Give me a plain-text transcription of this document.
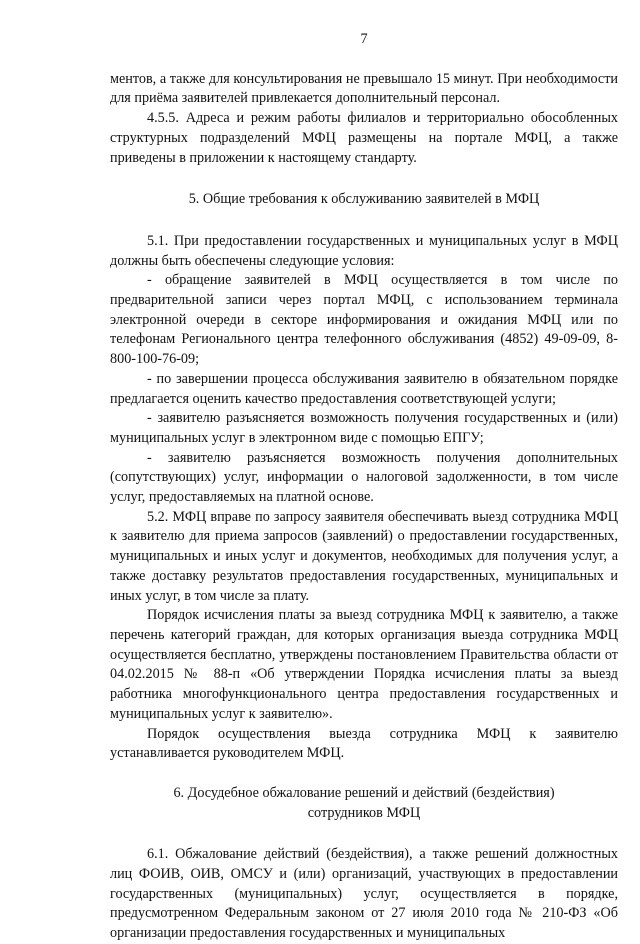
7

ментов, а также для консультирования не превышало 15 минут. При необходимости для приёма заявителей привлекается дополнительный персонал.

4.5.5. Адреса и режим работы филиалов и территориально обособленных структурных подразделений МФЦ размещены на портале МФЦ, а также приведены в приложении к настоящему стандарту.

5. Общие требования к обслуживанию заявителей в МФЦ

5.1. При предоставлении государственных и муниципальных услуг в МФЦ должны быть обеспечены следующие условия:

- обращение заявителей в МФЦ осуществляется в том числе по предварительной записи через портал МФЦ, с использованием терминала электронной очереди в секторе информирования и ожидания МФЦ или по телефонам Регионального центра телефонного обслуживания (4852) 49-09-09, 8-800-100-76-09;

- по завершении процесса обслуживания заявителю в обязательном порядке предлагается оценить качество предоставления соответствующей услуги;

- заявителю разъясняется возможность получения государственных и (или) муниципальных услуг в электронном виде с помощью ЕПГУ;

- заявителю разъясняется возможность получения дополнительных (сопутствующих) услуг, информации о налоговой задолженности, в том числе услуг, предоставляемых на платной основе.

5.2. МФЦ вправе по запросу заявителя обеспечивать выезд сотрудника МФЦ к заявителю для приема запросов (заявлений) о предоставлении государственных, муниципальных и иных услуг и документов, необходимых для получения услуг, а также доставку результатов предоставления государственных, муниципальных и иных услуг, в том числе за плату.

Порядок исчисления платы за выезд сотрудника МФЦ к заявителю, а также перечень категорий граждан, для которых организация выезда сотрудника МФЦ осуществляется бесплатно, утверждены постановлением Правительства области от 04.02.2015 № 88-п «Об утверждении Порядка исчисления платы за выезд работника многофункционального центра предоставления государственных и муниципальных услуг к заявителю».

Порядок осуществления выезда сотрудника МФЦ к заявителю устанавливается руководителем МФЦ.

6. Досудебное обжалование решений и действий (бездействия)
сотрудников МФЦ

6.1. Обжалование действий (бездействия), а также решений должностных лиц ФОИВ, ОИВ, ОМСУ и (или) организаций, участвующих в предоставлении государственных (муниципальных) услуг, осуществляется в порядке, предусмотренном Федеральным законом от 27 июля 2010 года № 210-ФЗ «Об организации предоставления государственных и муниципальных
